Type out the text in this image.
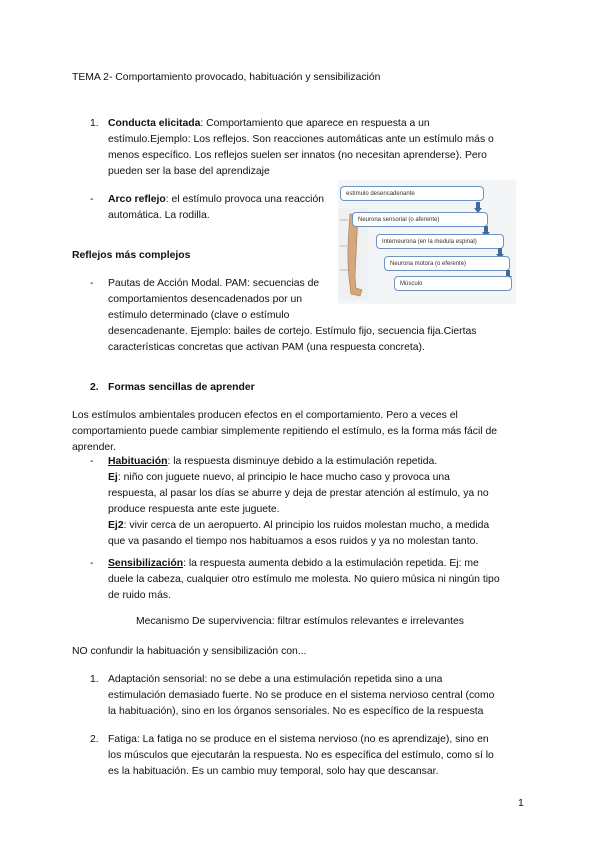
TEMA 2- Comportamiento provocado, habituación y sensibilización

1. Conducta elicitada: Comportamiento que aparece en respuesta a un

estímulo.Ejemplo: Los reflejos. Son reacciones automáticas ante un estímulo más o

menos específico. Los reflejos suelen ser innatos (no necesitan aprenderse). Pero

pueden ser la base del aprendizaje

- Arco reflejo: el estímulo provoca una reacción

automática. La rodilla.

estímulo desencadenante
Neurona sensorial (o aferente)
Interneurona (en la medula espinal)
Neurona motora (o eferente)
Músculo

Reflejos más complejos

- Pautas de Acción Modal. PAM: secuencias de

comportamientos desencadenados por un

estímulo determinado (clave o estímulo

desencadenante. Ejemplo: bailes de cortejo. Estímulo fijo, secuencia fija.Ciertas

características concretas que activan PAM (una respuesta concreta).

2. Formas sencillas de aprender

Los estímulos ambientales producen efectos en el comportamiento. Pero a veces el

comportamiento puede cambiar simplemente repitiendo el estímulo, es la forma más fácil de

aprender.

- Habituación: la respuesta disminuye debido a la estimulación repetida.

Ej: niño con juguete nuevo, al principio le hace mucho caso y provoca una

respuesta, al pasar los días se aburre y deja de prestar atención al estímulo, ya no

produce respuesta ante este juguete.

Ej2: vivir cerca de un aeropuerto. Al principio los ruidos molestan mucho, a medida

que va pasando el tiempo nos habituamos a esos ruidos y ya no molestan tanto.

- Sensibilización: la respuesta aumenta debido a la estimulación repetida. Ej: me

duele la cabeza, cualquier otro estímulo me molesta. No quiero música ni ningún tipo

de ruido más.

Mecanismo De supervivencia: filtrar estímulos relevantes e irrelevantes

NO confundir la habituación y sensibilización con...

1. Adaptación sensorial: no se debe a una estimulación repetida sino a una

estimulación demasiado fuerte. No se produce en el sistema nervioso central (como

la habituación), sino en los órganos sensoriales. No es específico de la respuesta

2. Fatiga: La fatiga no se produce en el sistema nervioso (no es aprendizaje), sino en

los músculos que ejecutarán la respuesta. No es específica del estímulo, como sí lo

es la habituación. Es un cambio muy temporal, solo hay que descansar.

1
